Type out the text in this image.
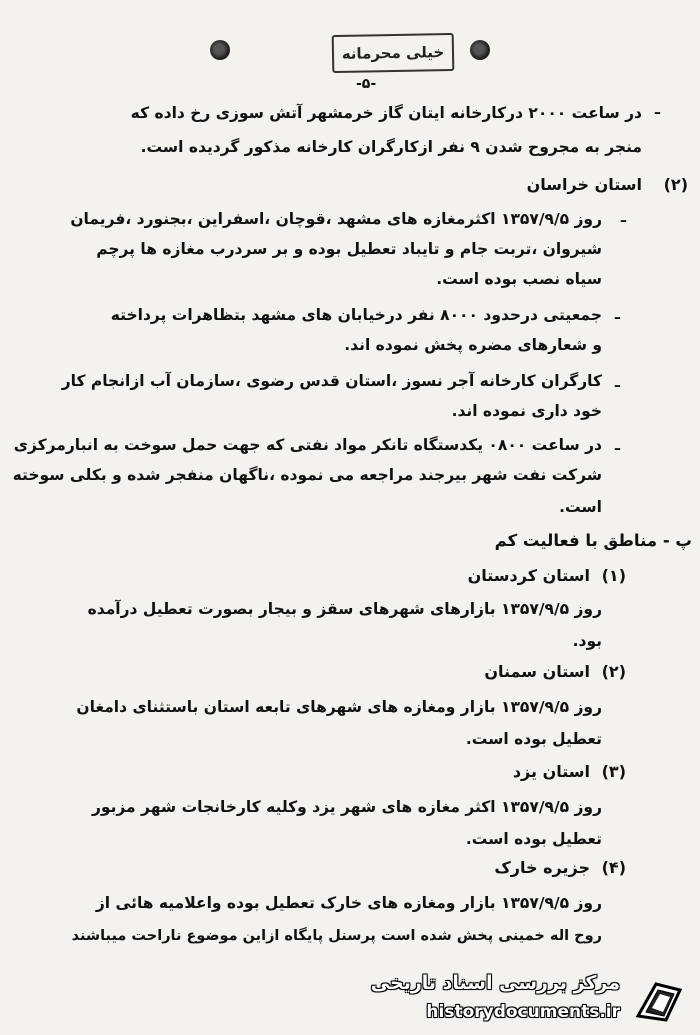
خیلی محرمانه
-۵-
ـ
در ساعت ۲۰۰۰ درکارخانه ایتان گاز خرمشهر آتش سوزی رخ داده که
منجر به مجروح شدن ۹ نفر ازکارگران کارخانه مذکور گردیده است.
(۲)
استان خراسان
ـ
روز ۱۳۵۷/۹/۵ اکثرمغازه های مشهد ،قوچان ،اسفراین ،بجنورد ،فریمان
شیروان ،تربت جام و تایباد تعطیل بوده و بر سردرب مغازه ها پرچم
سیاه نصب بوده است.
ـ
جمعیتی درحدود ۸۰۰۰ نفر درخیابان های مشهد بتظاهرات پرداخته
و شعارهای مضره پخش نموده اند.
ـ
کارگران کارخانه آجر نسوز ،استان قدس رضوی ،سازمان آب ازانجام کار
خود داری نموده اند.
ـ
در ساعت ۰۸۰۰ یکدستگاه تانکر مواد نفتی که جهت حمل سوخت به انبارمرکزی
شرکت نفت شهر بیرجند مراجعه می نموده ،ناگهان منفجر شده و بکلی سوخته
است.
پ - مناطق با فعالیت کم
(۱)
استان کردستان
روز ۱۳۵۷/۹/۵ بازارهای شهرهای سقز و بیجار بصورت تعطیل درآمده
بود.
(۲)
استان سمنان
روز ۱۳۵۷/۹/۵ بازار ومغازه های شهرهای تابعه استان باستثنای دامغان
تعطیل بوده است.
(۳)
استان یزد
روز ۱۳۵۷/۹/۵ اکثر مغازه های شهر یزد وکلیه کارخانجات شهر مزبور
تعطیل بوده است.
(۴)
جزیره خارک
روز ۱۳۵۷/۹/۵ بازار ومغازه های خارک تعطیل بوده واعلامیه هائی از
روح اله خمینی پخش شده است پرسنل پایگاه ازاین موضوع ناراحت میباشند
مرکز بررسی اسناد تاریخی
historydocuments.ir
